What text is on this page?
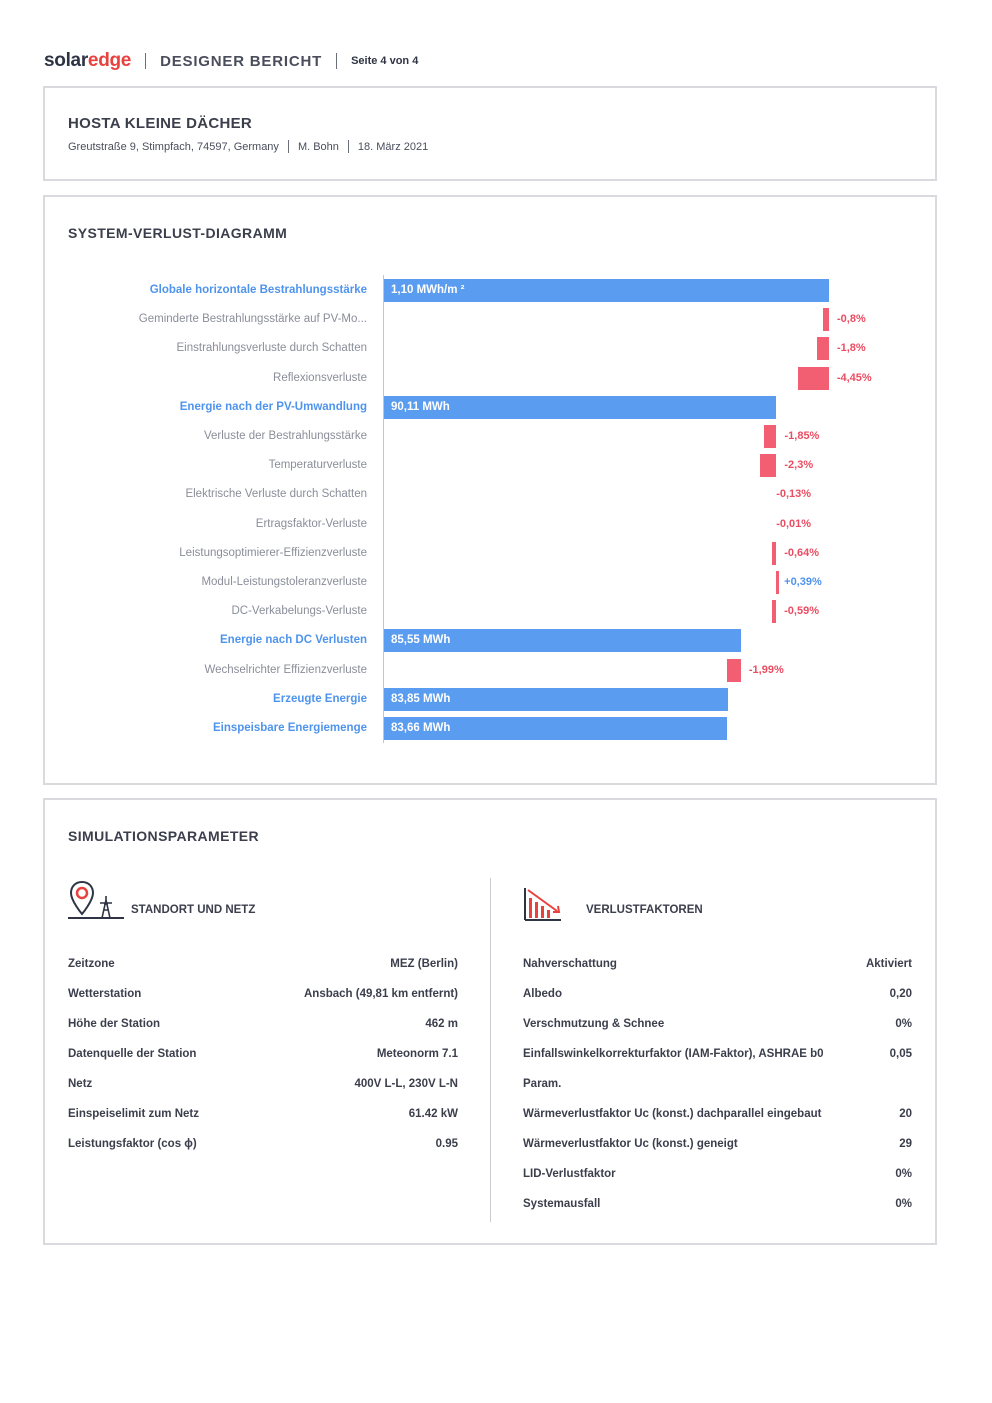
solar edge DESIGNER BERICHT	Seite 4 von 4
HOSTA KLEINE DÄCHER
Greutstraße 9, Stimpfach, 74597, Germany M. Bohn 18. März 2021
SYSTEM-VERLUST-DIAGRAMM
Globale horizontale Bestrahlungsstärke 1,10 MWh/m ²
Geminderte Bestrahlungsstärke auf PV-Mo...	-0,8%
Einstrahlungsverluste durch Schatten	-1,8%
Reflexionsverluste	-4,45%
Energie nach der PV-Umwandlung 90,11 MWh
Verluste der Bestrahlungsstärke	-1,85%
Temperaturverluste	-2,3%
Elektrische Verluste durch Schatten	-0,13%
Ertragsfaktor-Verluste	-0,01%
Leistungsoptimierer-Effizienzverluste	-0,64%
Modul-Leistungstoleranzverluste	+0,39%
DC-Verkabelungs-Verluste	-0,59%
Energie nach DC Verlusten 85,55 MWh
Wechselrichter Effizienzverluste	-1,99%
Erzeugte Energie 83,85 MWh
Einspeisbare Energiemenge 83,66 MWh
SIMULATIONSPARAMETER
STANDORT UND NETZ
Zeitzone	MEZ (Berlin)
Wetterstation	Ansbach (49,81 km entfernt)
Höhe der Station	462 m
Datenquelle der Station	Meteonorm 7.1
Netz	400V L-L, 230V L-N
Einspeiselimit zum Netz	61.42 kW
Leistungsfaktor (cos ϕ)	0.95
VERLUSTFAKTOREN
Nahverschattung	Aktiviert
Albedo	0,20
Verschmutzung & Schnee	0%
Einfallswinkelkorrekturfaktor (IAM-Faktor), ASHRAE b0	0,05
Param.
Wärmeverlustfaktor Uc (konst.) dachparallel eingebaut	20
Wärmeverlustfaktor Uc (konst.) geneigt	29
LID-Verlustfaktor	0%
Systemausfall	0%
